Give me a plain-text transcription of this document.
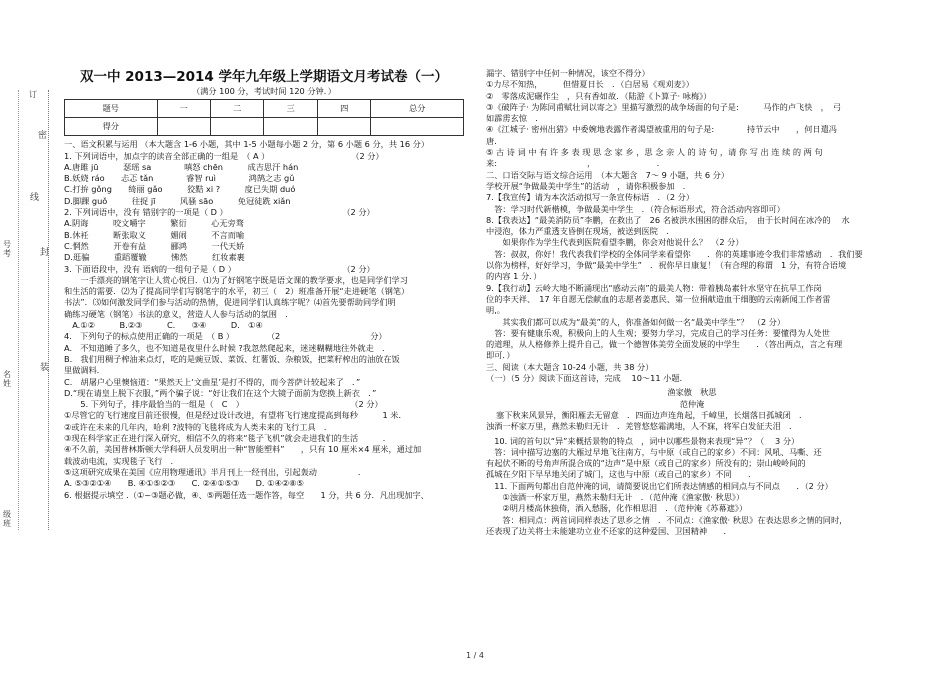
订
密
线
封
装
号考
名姓
级班
双一中 2013—2014 学年九年级上学期语文月考试卷（一）
（满分 100 分，考试时间 120 分钟．）
题号	一	二	三	四	总分
得分					
一、语文积累与运用 （本大题含 1-6 小题，其中 1-5 小题每小题 2 分，第 6 小题 6 分，共 16 分）
1. 下列词语中，加点字的读音全部正确的一组是　（ A ）　　　　　　　　　　　（2 分）
A.唐雎 jū　　　瑟瑶 sa　　　　嗔怒 chēn　　　成吉思汗 hán
B.妖娆 ráo　　忐忑 tǎn　　　　睿智 ruì　　　　鸿鹄之志 gǔ
C.打拚 gǒng　　绮丽 gǎo　　　狡黠 xi ?　　　度已失期 duó
D.脚踝 guǒ　　　往捉 jī　　　风骚 sāo　　　免冠徒跣 xiǎn
2. 下列词语中，没有 错别字的一项是（ D ）　　　　　　　　　　　　　　　（2 分）
A.阴诲　　　咬文嚼字　　　繁衍　　　心无旁骛
B.休衽　　　断张取义　　　媚闹　　　不言而喻
C.惘然　　　开卷有益　　　郦鸿　　　一代天娇
D.逛骗　　　重蹈覆辙　　　怫然　　　红妆素裹
3. 下面语段中，没有 语病的一组句子是（ D ）　　　　　　　　　　　　　　（2 分）
　　一手漂亮的钢笔字让人赏心悦目．⑴为了好钢笔字既是语文课的教学要求，也是同学们学习
和生活的需要．⑵为了提高同学们写钢笔字的水平，初三（　2）班准备开展“走进硬笔（钢笔）
书法”．⑶如何激发同学们参与活动的热情，促进同学们认真练字呢？⑷首先要帮助同学们明
确练习硬笔（钢笔）书法的意义，营造人人参与活动的氛围　．
　A.①②　　　B.②③　　　C.　　③④　　　D.　①④
4.　下列句子的标点使用正确的一项是　（ B ）　　　　　（2　　　　　　　　　　　分）
A.　不知道睡了多久，也不知道是夜里什么时候 ?我忽然爬起来，迷迷糊糊地往外就走　.
B.　我们用稠子榨油来点灯，吃的是豌豆饭、菜饭、红薯饭、杂粮饭，把菜籽榨出的油放在饭
里做调料．
C.　胡屠户心里懊恼道：“果然天上‘文曲星’是打不得的，而今菩萨计较起来了　．”
D.“现在请皇上脱下衣服，”两个骗子说：“好让我们在这个大镜子面前为您换上新衣　．”
　　5. 下列句子，排序最恰当的一组是（　C　）　　　　　　　　　　　　　　（2 分）
①尽管它的飞行速度目前还很慢，但是经过设计改进，有望将飞行速度提高到每秒　　　1 米．
②或许在未来的几年内，哈利 ?波特的飞毯将成为人类未来的飞行工具　．
③现在科学家正在进行深入研究，相信不久的将来“毯子飞机”就会走进我们的生活　　　．
④不久前，美国普林斯顿大学科研人员发明出一种“智能塑料”　　，只有 10 厘米×4 厘米，通过加
载波动电流，实现毯子飞行　.
⑤这项研究成果在美国《应用物理通讯》半月刊上一经刊出，引起轰动　　　　　．
A. ⑤③②①④　　B. ④①⑤②③　　C. ②④①⑤③　　D. ①④②⑧⑤
6. 根据提示填空 .（①~③题必做，④、⑤两题任选一题作答，每空　　1 分，共 6 分．凡出现加字、
漏字、错别字中任何一种情况，该空不得分）
①力尽不知热，　　　但惜夏日长　．（白居易《观刈麦》）
②　零落成泥碾作尘　，只有香如故．（陆游《卜算子· 咏梅》）
③《破阵子· 为陈同甫赋壮词以寄之》里描写激烈的战争场面的句子是:　　　马作的卢飞快　，　弓
如霹雳玄惊　.
④《江城子· 密州出猎》中委婉地表露作者渴望被重用的句子是:　　　　持节云中　　，何日遣冯
唐.
⑤ 古 诗 词 中 有 许 多 表 现 思 念 家 乡 ，思 念 亲 人 的 诗 句 ，请 你 写 出 连 续 的 两 句
来:　　　　　　　　　　　，　　　　　　　　.
二、口语交际与语文综合运用　（本大题含　7～ 9 小题，共 6 分）
学校开展“争做最美中学生”的活动　，请你积极参加　.
7.【我宣传】请为本次活动拟写一条宣传标语　．（2 分）
　答：学习时代新楷模，争做最美中学生　．（符合标语形式，符合活动内容即可）
8.【我表达】“最美消防员”李鹏，在救出了　26 名被洪水围困的群众后，　由于长时间在冰冷的　 水
中浸泡，体力严重透支昏倒在现场，被送到医院　.
　　如果你作为学生代表到医院看望李鹏，你会对他说什么？　（2 分）
　答：叔叔，你好！我代表我们学校的全体同学来看望你　　．你的英雄事迹令我们非常感动　．我们要
以你为榜样，好好学习，争做“最美中学生”　．祝你早日康复！（有合理的称谓　1 分，有符合语境
的内容 1 分．）
9.【我行动】云岭大地不断涌现出“感动云南”的最美人物：带着胰岛素针水坚守在抗旱工作岗
位的李天祥、　17 年自愿无偿献血的志愿者姜惠民、第一位捐献造血干细胞的云南新闻工作者雷
明,。
　　其实我们都可以成为“最美”的人，你准备如何做一名“最美中学生”？　（2 分）
　答：要有健康乐观，积极向上的人生观；要努力学习，完成自己的学习任务：要懂得为人处世
的道理，从人格修养上提升自己，做一个德智体美劳全面发展的中学生　　．（答出两点，言之有理
即可．）
三、阅读（本大题含 10-24 小题，共 38 分）
（一）（5 分）阅读下面这首诗，完成　 10～11 小题.
渔家傲　秋思
范仲淹
塞下秋来风景异，衡阳雁去无留意　．四面边声连角起，千嶂里，长烟落日孤城闭　．
浊酒一杯家万里，燕然未勒归无计　．羌管悠悠霜满地，人不寐，将军白发征夫泪　．
　10. 词的首句以“异”来概括景物的特点　，词中以哪些景物来表现“异”？（　 3 分）
　答：词中描写边塞的大雁过早地飞往南方，与中原（或自己的家乡）不同：风吼、马嘶、还
有起伏不断的号角声所混合成的“边声”是中原（或自己的家乡）所没有的；崇山峻岭间的
孤城在夕阳下早早地关闭了城门，这也与中原（或自己的家乡）不同　　．
　11. 下面两句都出自范仲淹的词，请简要说出它们所表达情感的相同点与不同点　　．（2 分）
　　①浊酒一杯家万里，燕然未勒归无计　．（范仲淹《渔家傲· 秋思》）
　　②明月楼高休独倚，酒入愁肠，化作相思泪　．（范仲淹《苏幕遮》）
　　答：相同点：两首词同样表达了思乡之情　．不同点：《渔家傲· 秋思》在表达思乡之情的同时，
还表现了边关将士未能建功立业不还家的这种爱国、卫国精神　　.
1 / 4
